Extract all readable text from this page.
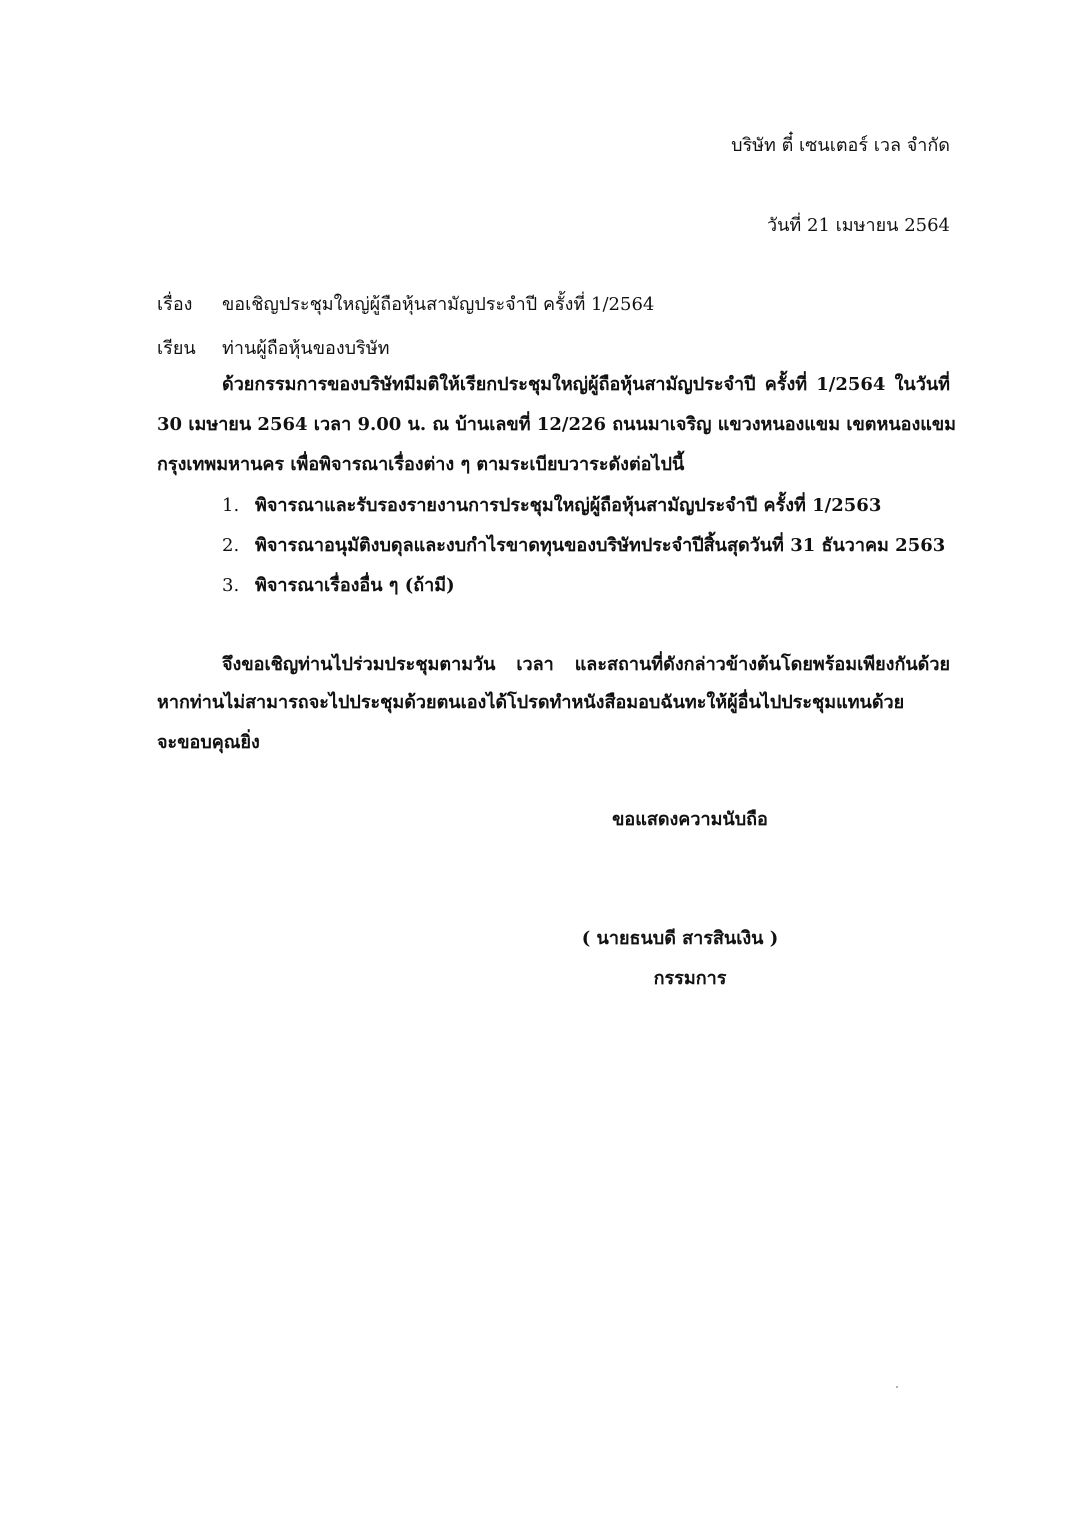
บริษัท ตี๋ เซนเตอร์ เวล จำกัด
วันที่ 21 เมษายน 2564
เรื่อง ขอเชิญประชุมใหญ่ผู้ถือหุ้นสามัญประจำปี ครั้งที่ 1/2564
เรียน ท่านผู้ถือหุ้นของบริษัท
ด้วยกรรมการของบริษัทมีมติให้เรียกประชุมใหญ่ผู้ถือหุ้นสามัญประจำปี ครั้งที่ 1/2564 ในวันที่
30 เมษายน 2564 เวลา 9.00 น. ณ บ้านเลขที่ 12/226 ถนนมาเจริญ แขวงหนองแขม เขตหนองแขม
กรุงเทพมหานคร เพื่อพิจารณาเรื่องต่าง ๆ ตามระเบียบวาระดังต่อไปนี้
1. พิจารณาและรับรองรายงานการประชุมใหญ่ผู้ถือหุ้นสามัญประจำปี ครั้งที่ 1/2563
2. พิจารณาอนุมัติงบดุลและงบกำไรขาดทุนของบริษัทประจำปีสิ้นสุดวันที่ 31 ธันวาคม 2563
3. พิจารณาเรื่องอื่น ๆ (ถ้ามี)
จึงขอเชิญท่านไปร่วมประชุมตามวัน เวลา และสถานที่ดังกล่าวข้างต้นโดยพร้อมเพียงกันด้วย
หากท่านไม่สามารถจะไปประชุมด้วยตนเองได้โปรดทำหนังสือมอบฉันทะให้ผู้อื่นไปประชุมแทนด้วย
จะขอบคุณยิ่ง
ขอแสดงความนับถือ
( นายธนบดี สารสินเงิน )
กรรมการ
